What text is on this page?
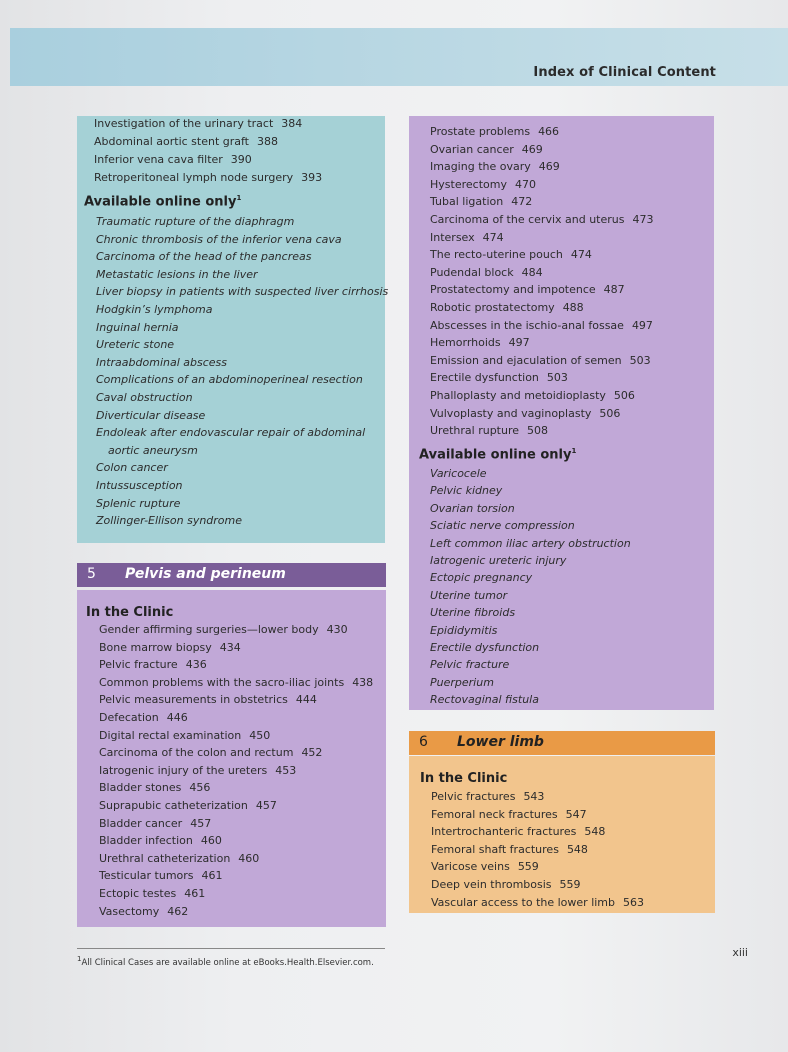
Index of Clinical Content
5 Pelvis and perineum
6 Lower limb
Investigation of the urinary tract 384
Abdominal aortic stent graft 388
Inferior vena cava filter 390
Retroperitoneal lymph node surgery 393
Available online only$^1$
Traumatic rupture of the diaphragm
Chronic thrombosis of the inferior vena cava
Carcinoma of the head of the pancreas
Metastatic lesions in the liver
Liver biopsy in patients with suspected liver cirrhosis
Hodgkin’s lymphoma
Inguinal hernia
Ureteric stone
Intraabdominal abscess
Complications of an abdominoperineal resection
Caval obstruction
Diverticular disease
Endoleak after endovascular repair of abdominal
aortic aneurysm
Colon cancer
Intussusception
Splenic rupture
Zollinger-Ellison syndrome
In the Clinic
Gender affirming surgeries—lower body 430
Bone marrow biopsy 434
Pelvic fracture 436
Common problems with the sacro-iliac joints 438
Pelvic measurements in obstetrics 444
Defecation 446
Digital rectal examination 450
Carcinoma of the colon and rectum 452
Iatrogenic injury of the ureters 453
Bladder stones 456
Suprapubic catheterization 457
Bladder cancer 457
Bladder infection 460
Urethral catheterization 460
Testicular tumors 461
Ectopic testes 461
Vasectomy 462
Prostate problems 466
Ovarian cancer 469
Imaging the ovary 469
Hysterectomy 470
Tubal ligation 472
Carcinoma of the cervix and uterus 473
Intersex 474
The recto-uterine pouch 474
Pudendal block 484
Prostatectomy and impotence 487
Robotic prostatectomy 488
Abscesses in the ischio-anal fossae 497
Hemorrhoids 497
Emission and ejaculation of semen 503
Erectile dysfunction 503
Phalloplasty and metoidioplasty 506
Vulvoplasty and vaginoplasty 506
Urethral rupture 508
Available online only$^1$
Varicocele
Pelvic kidney
Ovarian torsion
Sciatic nerve compression
Left common iliac artery obstruction
Iatrogenic ureteric injury
Ectopic pregnancy
Uterine tumor
Uterine fibroids
Epididymitis
Erectile dysfunction
Pelvic fracture
Puerperium
Rectovaginal fistula
In the Clinic
Pelvic fractures 543
Femoral neck fractures 547
Intertrochanteric fractures 548
Femoral shaft fractures 548
Varicose veins 559
Deep vein thrombosis 559
Vascular access to the lower limb 563
$^1$All Clinical Cases are available online at eBooks.Health.Elsevier.com.
xiii
